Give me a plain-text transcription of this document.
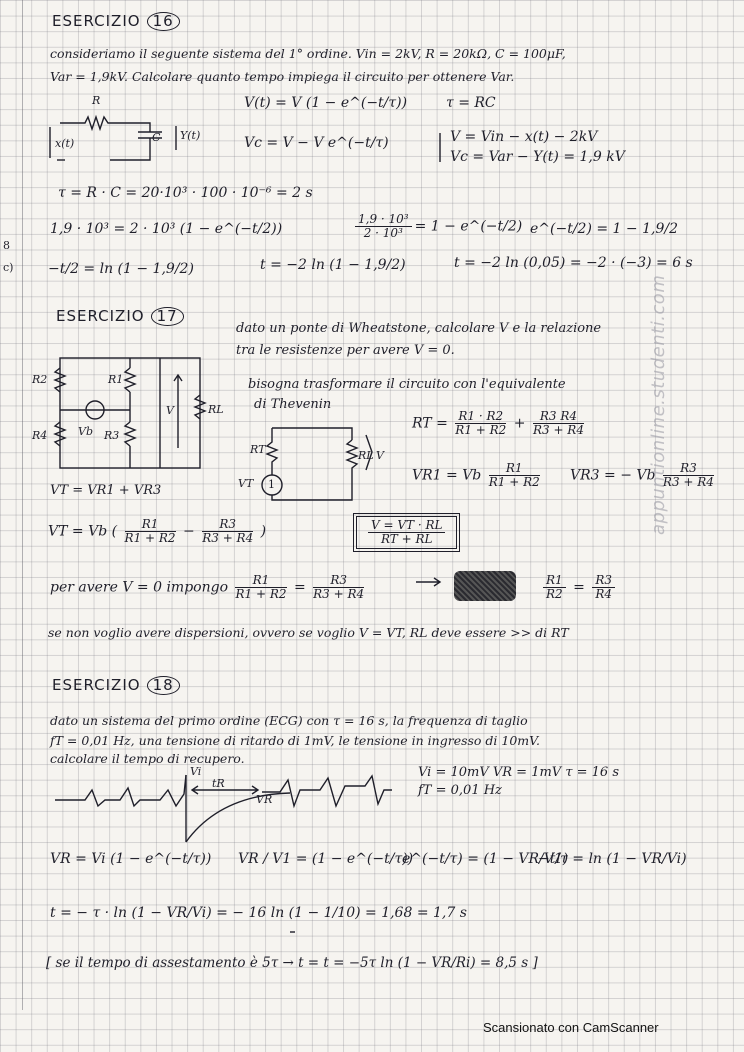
ESERCIZIO 16
consideriamo il seguente sistema del 1° ordine. Vin = 2kV, R = 20kΩ, C = 100μF,
Var = 1,9kV. Calcolare quanto tempo impiega il circuito per ottenere Var.
R
C
x(t)
Y(t)
8
c)
V(t) = V (1 − e^(−t/τ))	τ = RC
Vc = V − V e^(−t/τ)	V = Vin − x(t) − 2kV
Vc = Var − Y(t) = 1,9 kV
τ = R · C = 20·10³ · 100 · 10⁻⁶ = 2 s
1,9 · 10³ = 2 · 10³ (1 − e^(−t/2))	$\frac{\text{1,9 · 10³}}{\text{2 · 10³}} = 1$ − e^(−t/2) e^(−t/2) = 1 − 1,9/2
−t/2 = ln (1 − 1,9/2)	t = −2 ln (1 − 1,9/2)	t = −2 ln (0,05) = −2 · (−3) = 6 s
ESERCIZIO 17
dato un ponte di Wheatstone, calcolare V e la relazione
tra le resistenze per avere V = 0.
bisogna trasformare il circuito con l'equivalente
di Thevenin
R2	R1
R4	R3
RL
Vb
V
RT
VT 1
RL V
RT = $\frac{R1 \cdot R2}{R1 + R2} + \frac{R3 R4}{R3 + R4}$
VR1 = Vb $\frac{R1}{R1 + R2} VR3$ = − Vb $\frac{R3}{R3 + R4}$
VT = VR1 + VR3
VT = Vb ( $\frac{R1}{R1 + R2} - \frac{R3}{R3 + R4}$ )	$\frac{V = VT \cdot RL}{RT + RL}$
per avere V = 0 impongo $\frac{R1}{R1 + R2} = \frac{R3}{R3 + R4}$	$\frac{R1}{R2} = \frac{R3}{R4}$
se non voglio avere dispersioni, ovvero se voglio V = VT, RL deve essere >> di RT
ESERCIZIO 18
dato un sistema del primo ordine (ECG) con τ = 16 s, la frequenza di taglio
fT = 0,01 Hz, una tensione di ritardo di 1mV, le tensione in ingresso di 10mV.
calcolare il tempo di recupero.
Vi
tR
VR
Vi = 10mV VR = 1mV τ = 16 s
fT = 0,01 Hz
VR = Vi (1 − e^(−t/τ)) VR / V1 = (1 − e^(−t/τ))
e^(−t/τ) = (1 − VR/V1)
−t/τ = ln (1 − VR/Vi)
t = − τ · ln (1 − VR/Vi) = − 16 ln (1 − 1/10) = 1,68 = 1,7 s
[ se il tempo di assestamento è 5τ → t = t = −5τ ln (1 − VR/Ri) = 8,5 s ]
appuntionline.studenti.com
Scansionato con CamScanner
